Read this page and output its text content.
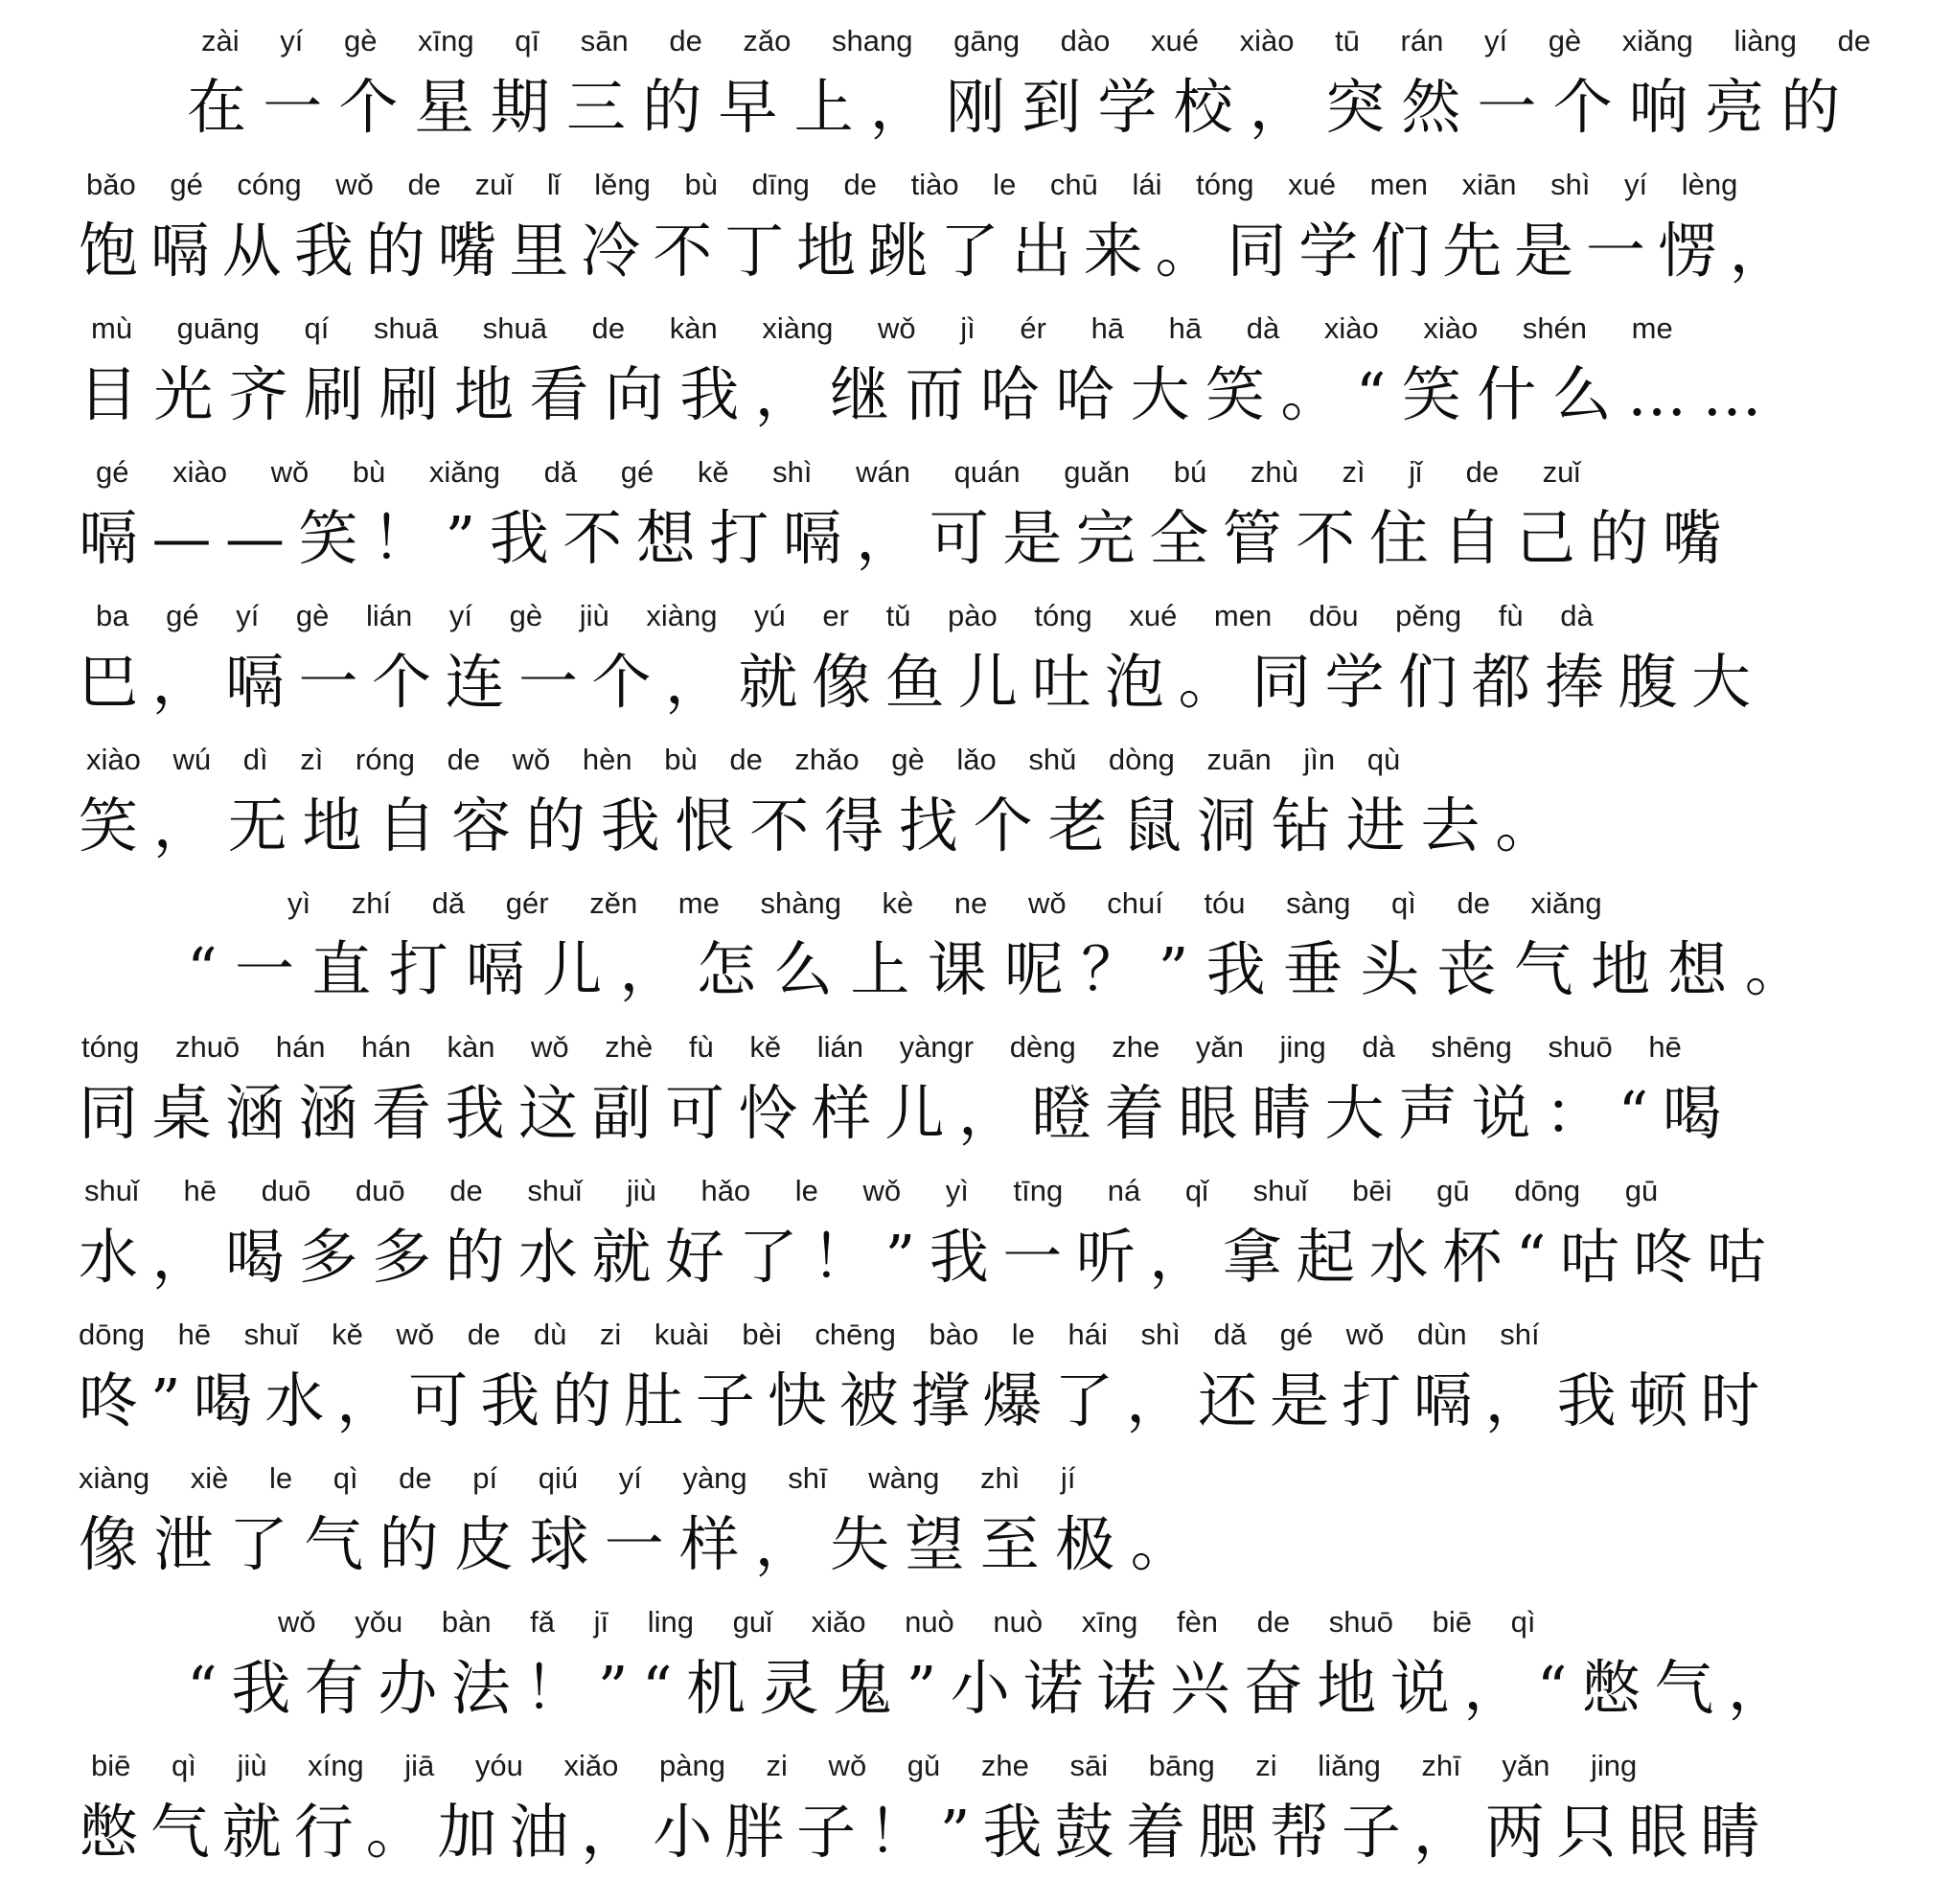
zài yí gè xīng qī sān de zǎo shang gāng dào xué xiào tū rán yí gè xiǎng liàng de
在一个星期三的早上，刚到学校，突然一个响亮的
bǎo gé cóng wǒ de zuǐ lǐ lěng bù dīng de tiào le chū lái tóng xué men xiān shì yí lèng
饱嗝从我的嘴里冷不丁地跳了出来。同学们先是一愣，
mù guāng qí shuā shuā de kàn xiàng wǒ jì ér hā hā dà xiào xiào shén me
目光齐刷刷地看向我，继而哈哈大笑。“笑什么……
gé xiào wǒ bù xiǎng dǎ gé kě shì wán quán guǎn bú zhù zì jǐ de zuǐ
嗝——笑！”我不想打嗝，可是完全管不住自己的嘴
ba gé yí gè lián yí gè jiù xiàng yú er tǔ pào tóng xué men dōu pěng fù dà
巴，嗝一个连一个，就像鱼儿吐泡。同学们都捧腹大
xiào wú dì zì róng de wǒ hèn bù de zhǎo gè lǎo shǔ dòng zuān jìn qù
笑，无地自容的我恨不得找个老鼠洞钻进去。
yì zhí dǎ gér zěn me shàng kè ne wǒ chuí tóu sàng qì de xiǎng
“一直打嗝儿，怎么上课呢？”我垂头丧气地想。
tóng zhuō hán hán kàn wǒ zhè fù kě lián yàngr dèng zhe yǎn jing dà shēng shuō hē
同桌涵涵看我这副可怜样儿，瞪着眼睛大声说：“喝
shuǐ hē duō duō de shuǐ jiù hǎo le wǒ yì tīng ná qǐ shuǐ bēi gū dōng gū
水，喝多多的水就好了！”我一听，拿起水杯“咕咚咕
dōng hē shuǐ kě wǒ de dù zi kuài bèi chēng bào le hái shì dǎ gé wǒ dùn shí
咚”喝水，可我的肚子快被撑爆了，还是打嗝，我顿时
xiàng xiè le qì de pí qiú yí yàng shī wàng zhì jí
像泄了气的皮球一样，失望至极。
wǒ yǒu bàn fǎ jī ling guǐ xiǎo nuò nuò xīng fèn de shuō biē qì
“我有办法！”“机灵鬼”小诺诺兴奋地说，“憋气，
biē qì jiù xíng jiā yóu xiǎo pàng zi wǒ gǔ zhe sāi bāng zi liǎng zhī yǎn jing
憋气就行。加油，小胖子！”我鼓着腮帮子，两只眼睛
